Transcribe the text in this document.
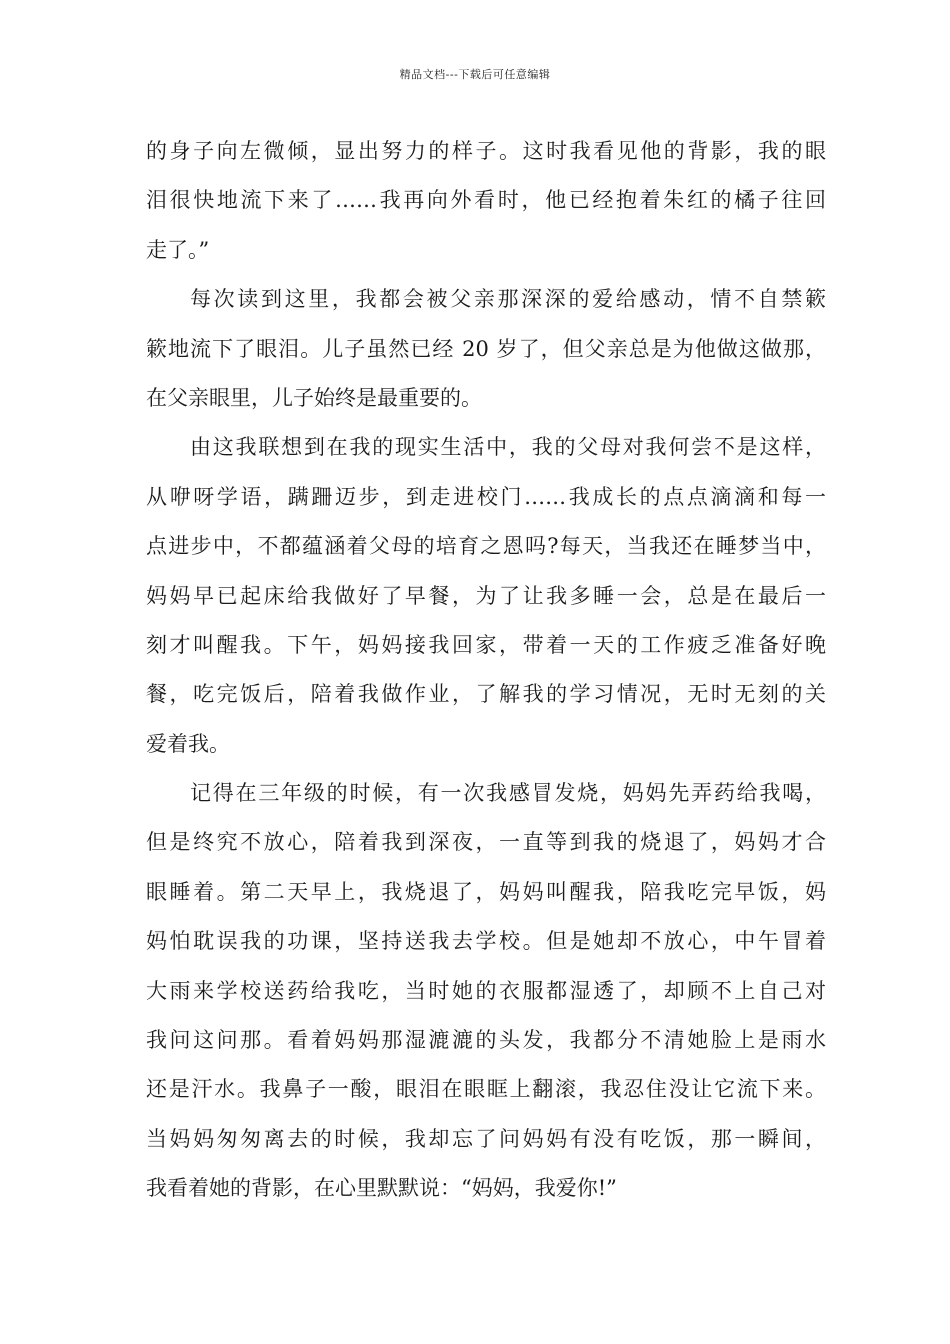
精品文档---下载后可任意编辑
的身子向左微倾，显出努力的样子。这时我看见他的背影，我的眼
泪很快地流下来了……我再向外看时，他已经抱着朱红的橘子往回
走了。”
每次读到这里，我都会被父亲那深深的爱给感动，情不自禁簌
簌地流下了眼泪。儿子虽然已经 20 岁了，但父亲总是为他做这做那，
在父亲眼里，儿子始终是最重要的。
由这我联想到在我的现实生活中，我的父母对我何尝不是这样，
从咿呀学语，蹒跚迈步，到走进校门……我成长的点点滴滴和每一
点进步中，不都蕴涵着父母的培育之恩吗?每天，当我还在睡梦当中，
妈妈早已起床给我做好了早餐，为了让我多睡一会，总是在最后一
刻才叫醒我。下午，妈妈接我回家，带着一天的工作疲乏准备好晚
餐，吃完饭后，陪着我做作业，了解我的学习情况，无时无刻的关
爱着我。
记得在三年级的时候，有一次我感冒发烧，妈妈先弄药给我喝，
但是终究不放心，陪着我到深夜，一直等到我的烧退了，妈妈才合
眼睡着。第二天早上，我烧退了，妈妈叫醒我，陪我吃完早饭，妈
妈怕耽误我的功课，坚持送我去学校。但是她却不放心，中午冒着
大雨来学校送药给我吃，当时她的衣服都湿透了，却顾不上自己对
我问这问那。看着妈妈那湿漉漉的头发，我都分不清她脸上是雨水
还是汗水。我鼻子一酸，眼泪在眼眶上翻滚，我忍住没让它流下来。
当妈妈匆匆离去的时候，我却忘了问妈妈有没有吃饭，那一瞬间，
我看着她的背影，在心里默默说：“妈妈，我爱你!”
